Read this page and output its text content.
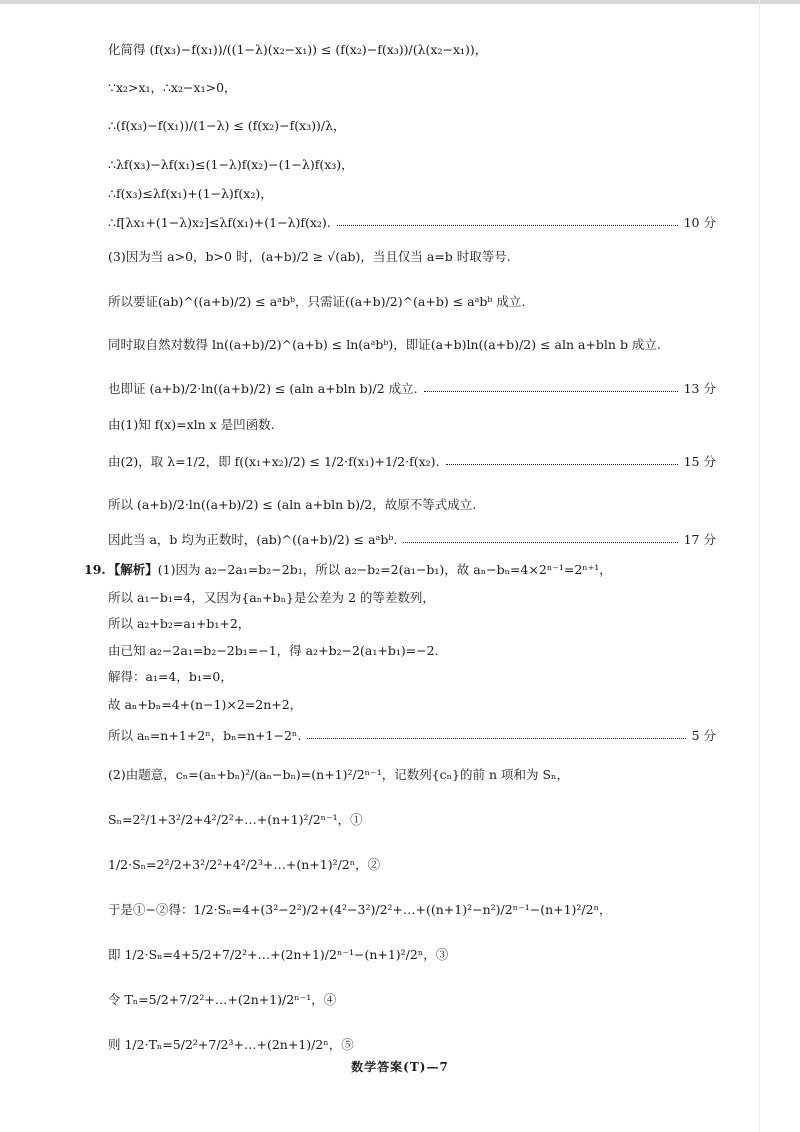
化简得 (f(x₃)−f(x₁))/((1−λ)(x₂−x₁)) ≤ (f(x₂)−f(x₃))/(λ(x₂−x₁))，
∵x₂>x₁，∴x₂−x₁>0，
∴(f(x₃)−f(x₁))/(1−λ) ≤ (f(x₂)−f(x₃))/λ，
∴λf(x₃)−λf(x₁)≤(1−λ)f(x₂)−(1−λ)f(x₃)，
∴f(x₃)≤λf(x₁)+(1−λ)f(x₂)，
∴f[λx₁+(1−λ)x₂]≤λf(x₁)+(1−λ)f(x₂).	10 分
(3)因为当 a>0，b>0 时，(a+b)/2 ≥ √(ab)，当且仅当 a=b 时取等号.
所以要证(ab)^((a+b)/2) ≤ aᵃbᵇ，只需证((a+b)/2)^(a+b) ≤ aᵃbᵇ 成立.
同时取自然对数得 ln((a+b)/2)^(a+b) ≤ ln(aᵃbᵇ)，即证(a+b)ln((a+b)/2) ≤ aln a+bln b 成立.
也即证 (a+b)/2·ln((a+b)/2) ≤ (aln a+bln b)/2 成立.	13 分
由(1)知 f(x)=xln x 是凹函数.
由(2)，取 λ=1/2，即 f((x₁+x₂)/2) ≤ 1/2·f(x₁)+1/2·f(x₂).	15 分
所以 (a+b)/2·ln((a+b)/2) ≤ (aln a+bln b)/2，故原不等式成立.
因此当 a，b 均为正数时，(ab)^((a+b)/2) ≤ aᵃbᵇ.	17 分
19. 【解析】 (1)因为 a₂−2a₁=b₂−2b₁，所以 a₂−b₂=2(a₁−b₁)，故 aₙ−bₙ=4×2ⁿ⁻¹=2ⁿ⁺¹，
所以 a₁−b₁=4，又因为{aₙ+bₙ}是公差为 2 的等差数列，
所以 a₂+b₂=a₁+b₁+2，
由已知 a₂−2a₁=b₂−2b₁=−1，得 a₂+b₂−2(a₁+b₁)=−2.
解得：a₁=4，b₁=0，
故 aₙ+bₙ=4+(n−1)×2=2n+2，
所以 aₙ=n+1+2ⁿ，bₙ=n+1−2ⁿ.	5 分
(2)由题意，cₙ=(aₙ+bₙ)²/(aₙ−bₙ)=(n+1)²/2ⁿ⁻¹，记数列{cₙ}的前 n 项和为 Sₙ，
Sₙ=2²/1+3²/2+4²/2²+…+(n+1)²/2ⁿ⁻¹，①
1/2·Sₙ=2²/2+3²/2²+4²/2³+…+(n+1)²/2ⁿ，②
于是①−②得：1/2·Sₙ=4+(3²−2²)/2+(4²−3²)/2²+…+((n+1)²−n²)/2ⁿ⁻¹−(n+1)²/2ⁿ，
即 1/2·Sₙ=4+5/2+7/2²+…+(2n+1)/2ⁿ⁻¹−(n+1)²/2ⁿ，③
令 Tₙ=5/2+7/2²+…+(2n+1)/2ⁿ⁻¹，④
则 1/2·Tₙ=5/2²+7/2³+…+(2n+1)/2ⁿ，⑤
数学答案(T)—7
